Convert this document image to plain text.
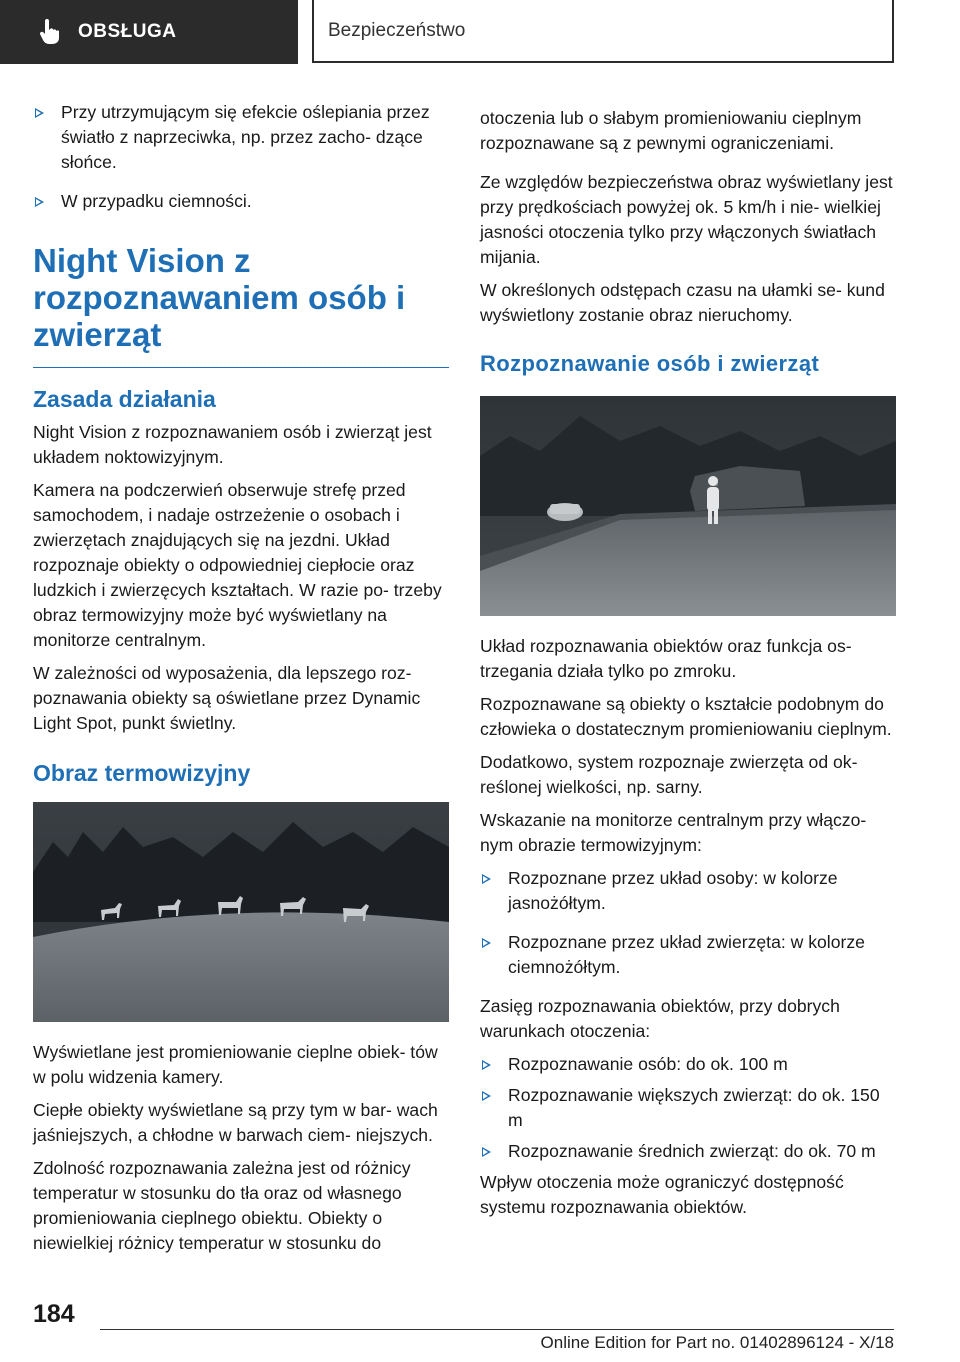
OBSŁUGA	Bezpieczeństwo
Przy utrzymującym się efekcie oślepiania przez światło z naprzeciwka, np. przez zacho- dzące słońce.
W przypadku ciemności.
Night Vision z rozpoznawaniem osób i zwierząt
Zasada działania

Night Vision z rozpoznawaniem osób i zwierząt jest układem noktowizyjnym.

Kamera na podczerwień obserwuje strefę przed samochodem, i nadaje ostrzeżenie o osobach i zwierzętach znajdujących się na jezdni. Układ rozpoznaje obiekty o odpowiedniej ciepłocie oraz ludzkich i zwierzęcych kształtach. W razie po- trzeby obraz termowizyjny może być wyświetlany na monitorze centralnym.

W zależności od wyposażenia, dla lepszego roz- poznawania obiekty są oświetlane przez Dynamic Light Spot, punkt świetlny.

Obraz termowizyjny

Wyświetlane jest promieniowanie cieplne obiek- tów w polu widzenia kamery.

Ciepłe obiekty wyświetlane są przy tym w bar- wach jaśniejszych, a chłodne w barwach ciem- niejszych.

Zdolność rozpoznawania zależna jest od różnicy temperatur w stosunku do tła oraz od własnego promieniowania cieplnego obiektu. Obiekty o niewielkiej różnicy temperatur w stosunku do

otoczenia lub o słabym promieniowaniu cieplnym rozpoznawane są z pewnymi ograniczeniami.

Ze względów bezpieczeństwa obraz wyświetlany jest przy prędkościach powyżej ok. 5 km/h i nie- wielkiej jasności otoczenia tylko przy włączonych światłach mijania.

W określonych odstępach czasu na ułamki se- kund wyświetlony zostanie obraz nieruchomy.

Rozpoznawanie osób i zwierząt

Układ rozpoznawania obiektów oraz funkcja os- trzegania działa tylko po zmroku.

Rozpoznawane są obiekty o kształcie podobnym do człowieka o dostatecznym promieniowaniu cieplnym.

Dodatkowo, system rozpoznaje zwierzęta od ok- reślonej wielkości, np. sarny.

Wskazanie na monitorze centralnym przy włączo- nym obrazie termowizyjnym:

Rozpoznane przez układ osoby: w kolorze jasnożółtym.
Rozpoznane przez układ zwierzęta: w kolorze ciemnożółtym.

Zasięg rozpoznawania obiektów, przy dobrych warunkach otoczenia:

Rozpoznawanie osób: do ok. 100 m
Rozpoznawanie większych zwierząt: do ok. 150 m
Rozpoznawanie średnich zwierząt: do ok. 70 m

Wpływ otoczenia może ograniczyć dostępność systemu rozpoznawania obiektów.

184
Online Edition for Part no. 01402896124 - X/18
